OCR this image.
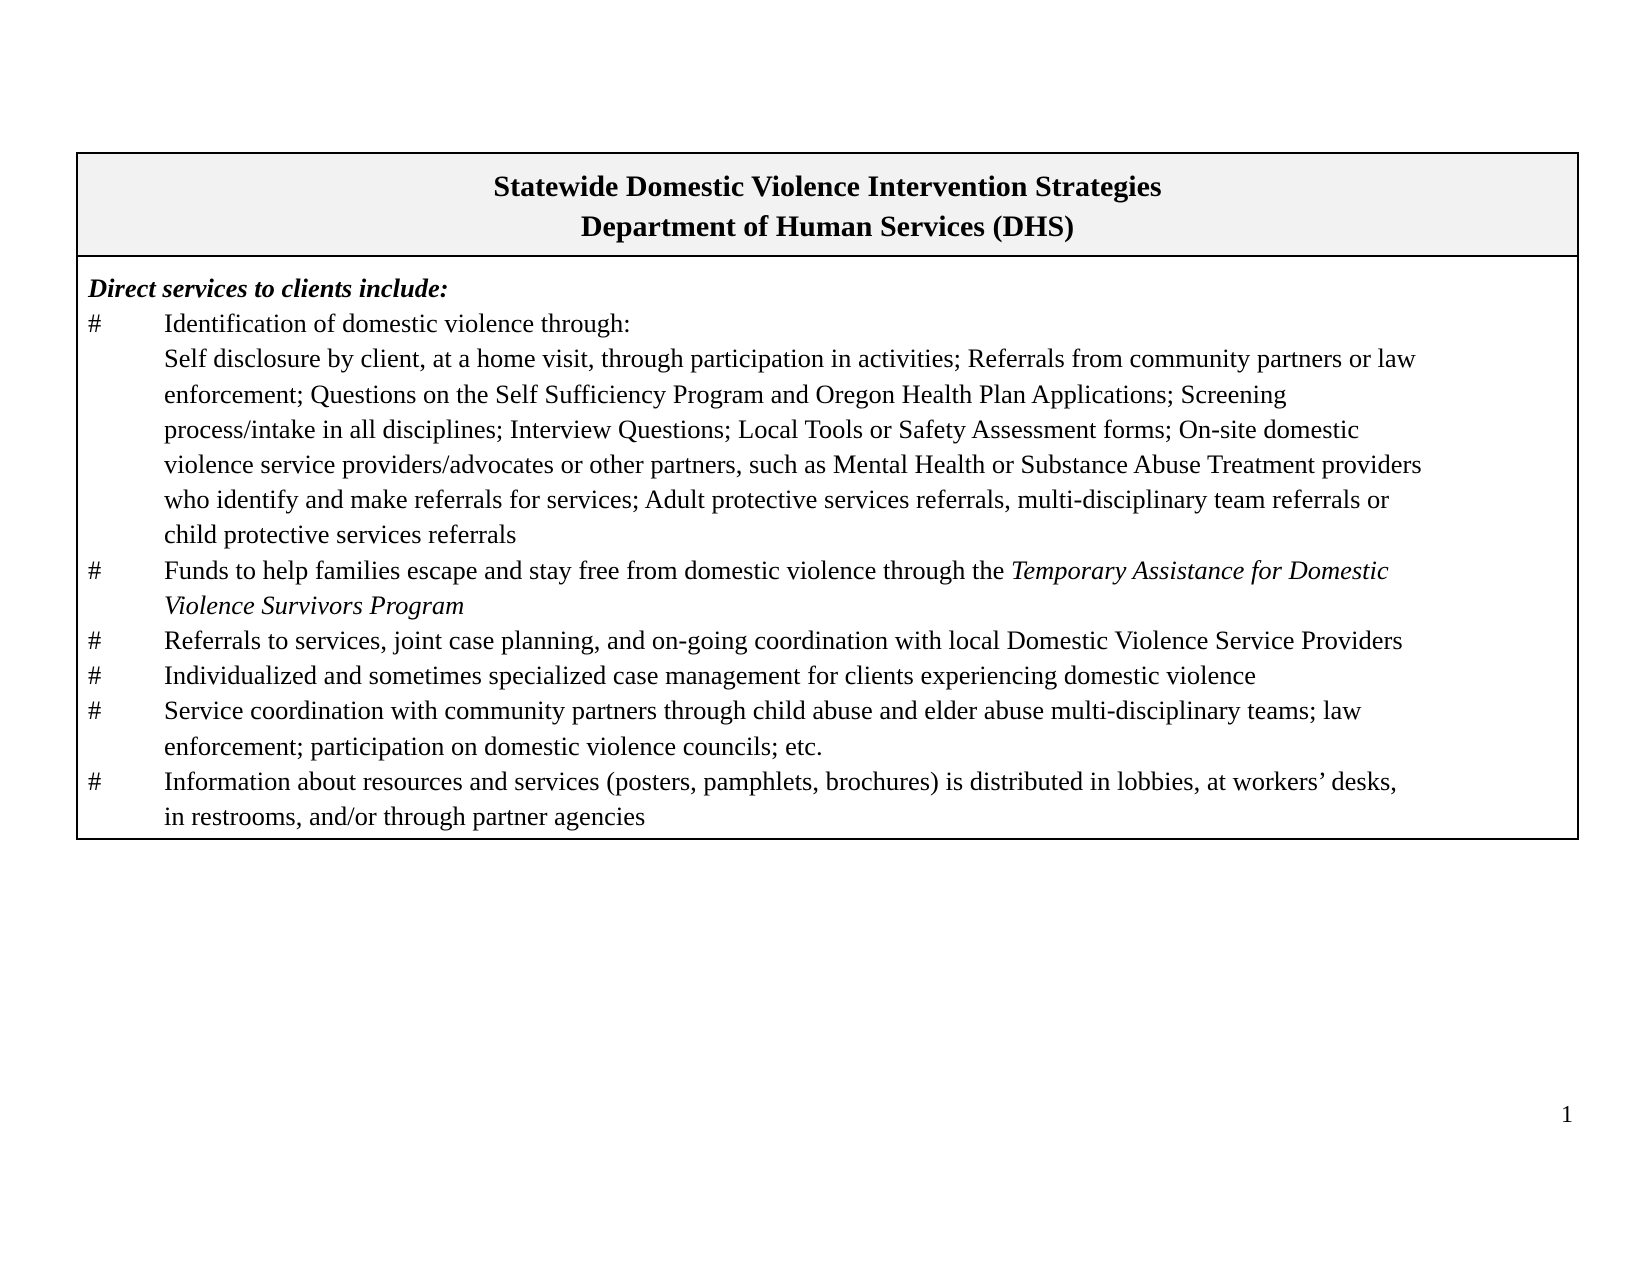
Statewide Domestic Violence Intervention Strategies
Department of Human Services (DHS)
Direct services to clients include:
#	Identification of domestic violence through:
Self disclosure by client, at a home visit, through participation in activities; Referrals from community partners or law
enforcement; Questions on the Self Sufficiency Program and Oregon Health Plan Applications; Screening
process/intake in all disciplines; Interview Questions; Local Tools or Safety Assessment forms; On-site domestic
violence service providers/advocates or other partners, such as Mental Health or Substance Abuse Treatment providers
who identify and make referrals for services; Adult protective services referrals, multi-disciplinary team referrals or
child protective services referrals
#	Funds to help families escape and stay free from domestic violence through the Temporary Assistance for Domestic
Violence Survivors Program
#	Referrals to services, joint case planning, and on-going coordination with local Domestic Violence Service Providers
#	Individualized and sometimes specialized case management for clients experiencing domestic violence
#	Service coordination with community partners through child abuse and elder abuse multi-disciplinary teams; law
enforcement; participation on domestic violence councils; etc.
#	Information about resources and services (posters, pamphlets, brochures) is distributed in lobbies, at workers’ desks,
in restrooms, and/or through partner agencies
1
